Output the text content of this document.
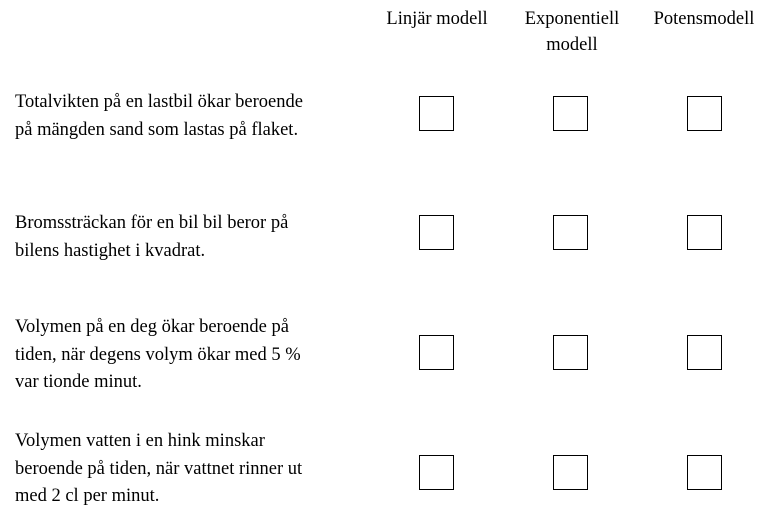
Linjär modell	Exponentiell
modell
Potensmodell
Totalvikten på en lastbil ökar beroende
på mängden sand som lastas på flaket.
Bromssträckan för en bil bil beror på
bilens hastighet i kvadrat.
Volymen på en deg ökar beroende på
tiden, när degens volym ökar med 5 %
var tionde minut.
Volymen vatten i en hink minskar
beroende på tiden, när vattnet rinner ut
med 2 cl per minut.
